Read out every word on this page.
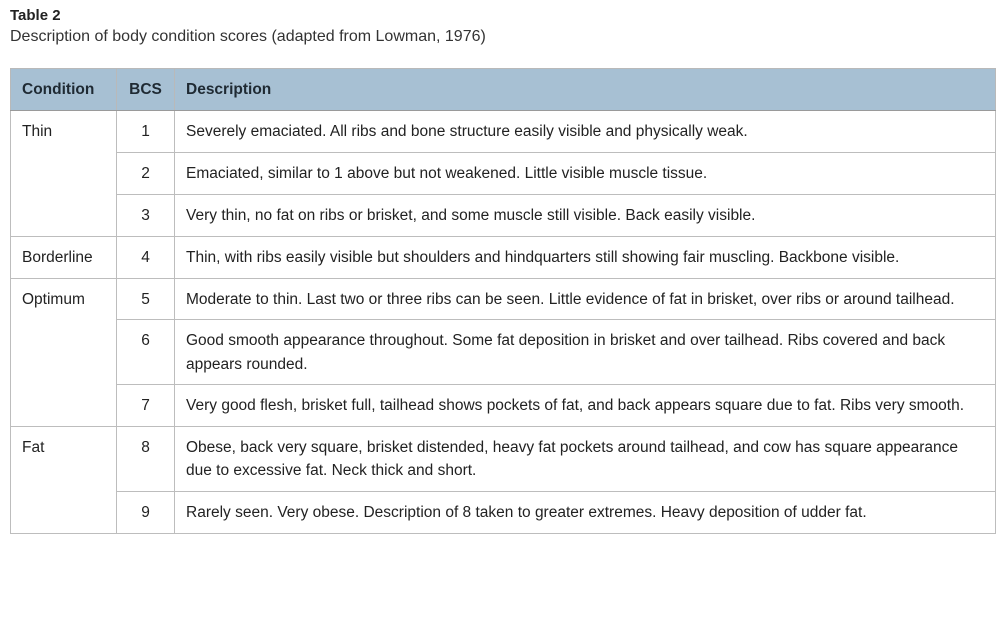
Table 2
Description of body condition scores (adapted from Lowman, 1976)
Condition	BCS	Description
Thin	1	Severely emaciated. All ribs and bone structure easily visible and physically weak.
	2	Emaciated, similar to 1 above but not weakened. Little visible muscle tissue.
	3	Very thin, no fat on ribs or brisket, and some muscle still visible. Back easily visible.
Borderline	4	Thin, with ribs easily visible but shoulders and hindquarters still showing fair muscling. Backbone visible.
Optimum	5	Moderate to thin. Last two or three ribs can be seen. Little evidence of fat in brisket, over ribs or around tailhead.
	6	Good smooth appearance throughout. Some fat deposition in brisket and over tailhead. Ribs covered and back appears rounded.
	7	Very good flesh, brisket full, tailhead shows pockets of fat, and back appears square due to fat. Ribs very smooth.
Fat	8	Obese, back very square, brisket distended, heavy fat pockets around tailhead, and cow has square appearance due to excessive fat. Neck thick and short.
	9	Rarely seen. Very obese. Description of 8 taken to greater extremes. Heavy deposition of udder fat.
